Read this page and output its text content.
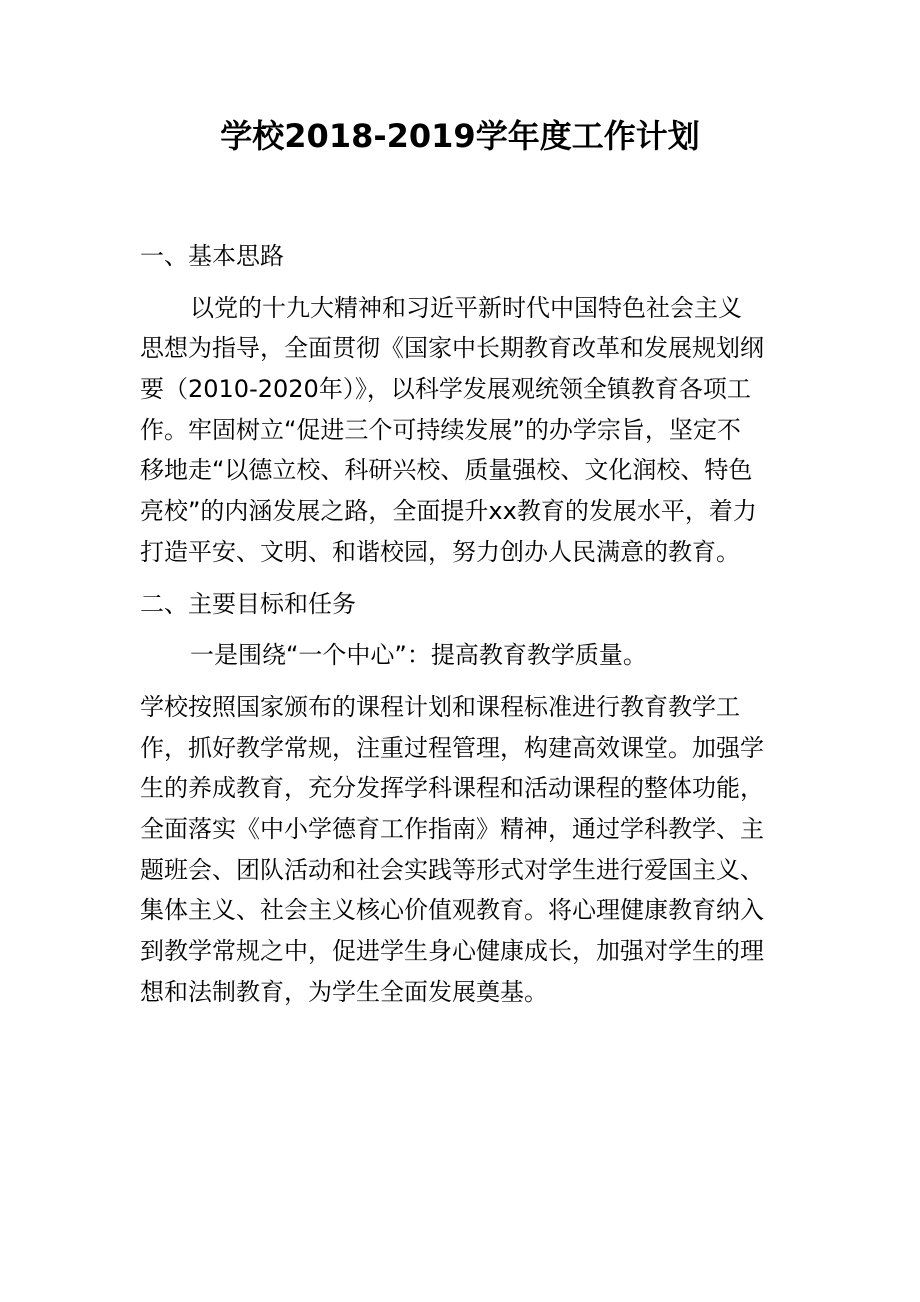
学校2018-2019学年度工作计划
一、基本思路
以党的十九大精神和习近平新时代中国特色社会主义
思想为指导，全面贯彻《国家中长期教育改革和发展规划纲
要（2010-2020年）》，以科学发展观统领全镇教育各项工
作。牢固树立“促进三个可持续发展”的办学宗旨，坚定不
移地走“以德立校、科研兴校、质量强校、文化润校、特色
亮校”的内涵发展之路，全面提升xx教育的发展水平，着力
打造平安、文明、和谐校园，努力创办人民满意的教育。
二、主要目标和任务
一是围绕“一个中心”：提高教育教学质量。
学校按照国家颁布的课程计划和课程标准进行教育教学工
作，抓好教学常规，注重过程管理，构建高效课堂。加强学
生的养成教育，充分发挥学科课程和活动课程的整体功能，
全面落实《中小学德育工作指南》精神，通过学科教学、主
题班会、团队活动和社会实践等形式对学生进行爱国主义、
集体主义、社会主义核心价值观教育。将心理健康教育纳入
到教学常规之中，促进学生身心健康成长，加强对学生的理
想和法制教育，为学生全面发展奠基。
